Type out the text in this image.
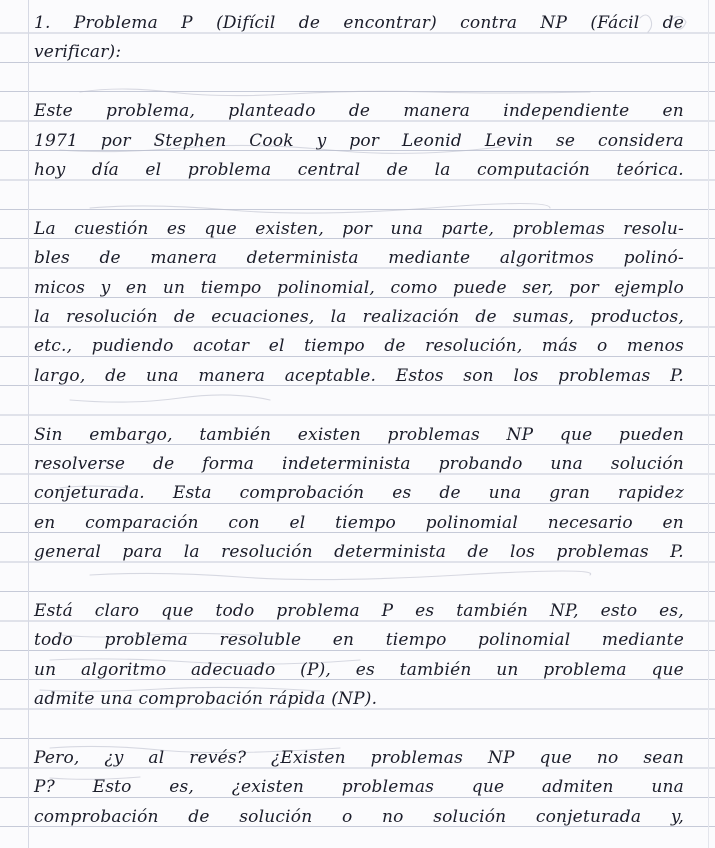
1. Problema P (Difícil de encontrar) contra NP (Fácil de
verificar):

Este problema, planteado de manera independiente en
1971 por Stephen Cook y por Leonid Levin se considera
hoy día el problema central de la computación teórica.

La cuestión es que existen, por una parte, problemas resolu-
bles de manera determinista mediante algoritmos polinó-
micos y en un tiempo polinomial, como puede ser, por ejemplo
la resolución de ecuaciones, la realización de sumas, productos,
etc., pudiendo acotar el tiempo de resolución, más o menos
largo, de una manera aceptable. Estos son los problemas P.

Sin embargo, también existen problemas NP que pueden
resolverse de forma indeterminista probando una solución
conjeturada. Esta comprobación es de una gran rapidez
en comparación con el tiempo polinomial necesario en
general para la resolución determinista de los problemas P.

Está claro que todo problema P es también NP, esto es,
todo problema resoluble en tiempo polinomial mediante
un algoritmo adecuado (P), es también un problema que
admite una comprobación rápida (NP).

Pero, ¿y al revés? ¿Existen problemas NP que no sean
P? Esto es, ¿existen problemas que admiten una
comprobación de solución o no solución conjeturada y,
